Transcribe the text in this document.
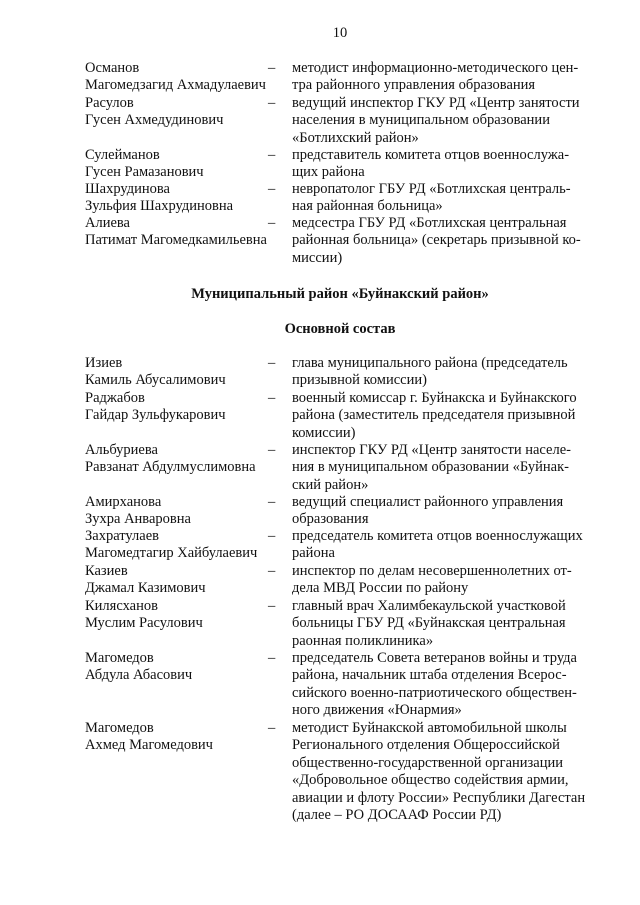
10
Османов
Магомедзагид Ахмадулаевич
– методист информационно-методического цен-
тра районного управления образования
Расулов
Гусен Ахмедудинович
– ведущий инспектор ГКУ РД «Центр занятости
населения в муниципальном образовании
«Ботлихский район»
Сулейманов
Гусен Рамазанович
– представитель комитета отцов военнослужа-
щих района
Шахрудинова
Зульфия Шахрудиновна
– невропатолог ГБУ РД «Ботлихская централь-
ная районная больница»
Алиева
Патимат Магомедкамильевна
– медсестра ГБУ РД «Ботлихская центральная
районная больница» (секретарь призывной ко-
миссии)
Муниципальный район «Буйнакский район»
Основной состав
Изиев
Камиль Абусалимович
– глава муниципального района (председатель
призывной комиссии)
Раджабов
Гайдар Зульфукарович
– военный комиссар г. Буйнакска и Буйнакского
района (заместитель председателя призывной
комиссии)
Альбуриева
Равзанат Абдулмуслимовна
– инспектор ГКУ РД «Центр занятости населе-
ния в муниципальном образовании «Буйнак-
ский район»
Амирханова
Зухра Анваровна
– ведущий специалист районного управления
образования
Захратулаев
Магомедтагир Хайбулаевич
– председатель комитета отцов военнослужащих
района
Казиев
Джамал Казимович
– инспектор по делам несовершеннолетних от-
дела МВД России по району
Килясханов
Муслим Расулович
– главный врач Халимбекаульской участковой
больницы ГБУ РД «Буйнакская центральная
раонная поликлиника»
Магомедов
Абдула Абасович
– председатель Совета ветеранов войны и труда
района, начальник штаба отделения Всерос-
сийского военно-патриотического обществен-
ного движения «Юнармия»
Магомедов
Ахмед Магомедович
– методист Буйнакской автомобильной школы
Регионального отделения Общероссийской
общественно-государственной организации
«Добровольное общество содействия армии,
авиации и флоту России» Республики Дагестан
(далее – РО ДОСААФ России РД)
